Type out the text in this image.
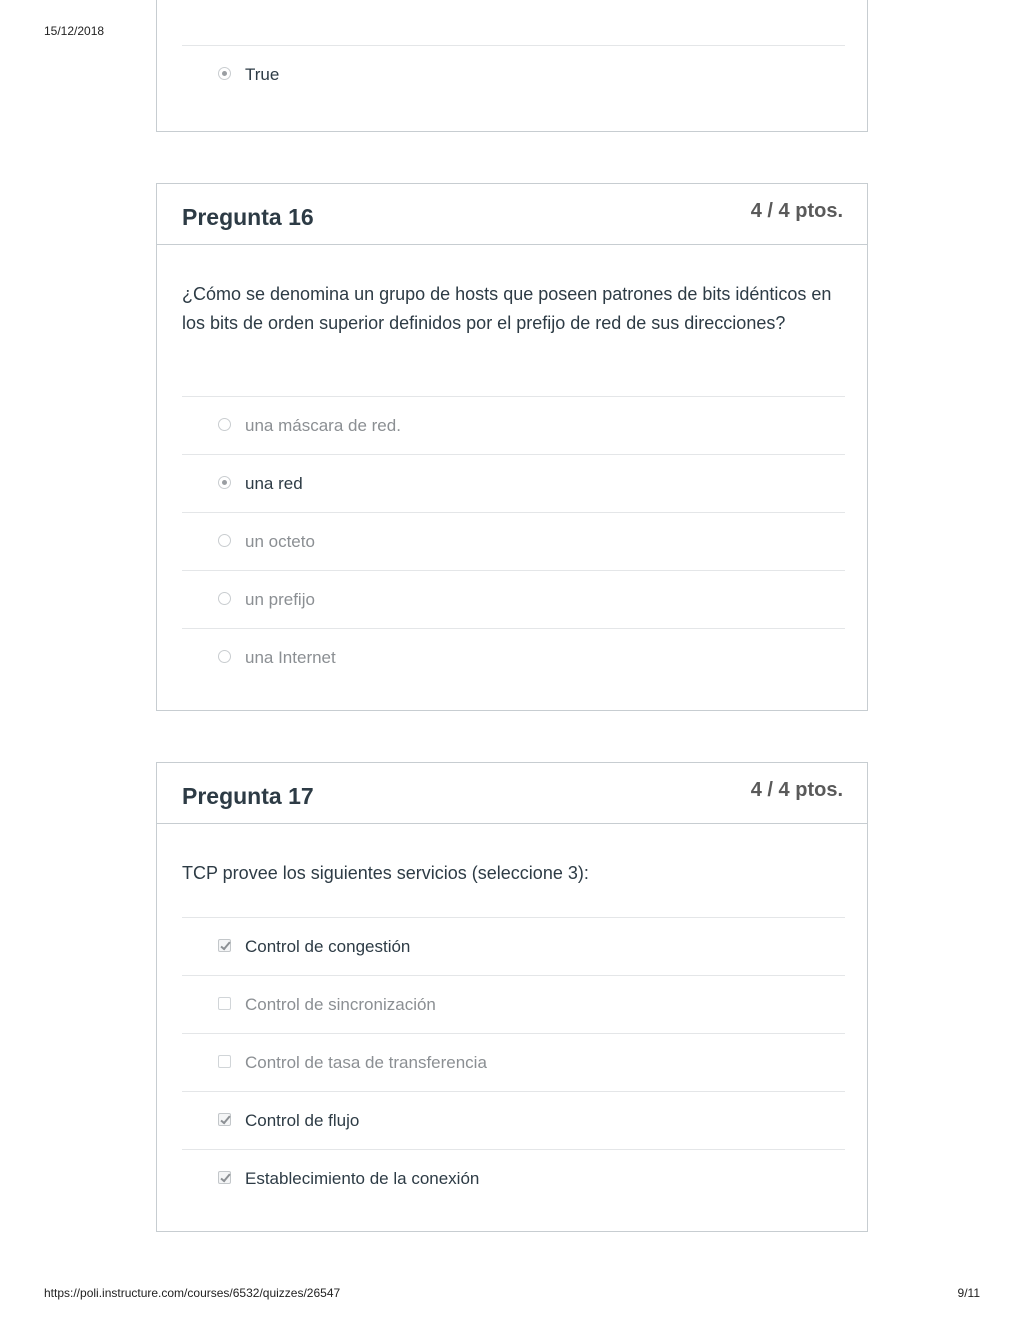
15/12/2018
True
Pregunta 16	4 / 4 ptos.
¿Cómo se denomina un grupo de hosts que poseen patrones de bits idénticos en los bits de orden superior definidos por el prefijo de red de sus direcciones?
una máscara de red.
una red
un octeto
un prefijo
una Internet
Pregunta 17	4 / 4 ptos.
TCP provee los siguientes servicios (seleccione 3):
Control de congestión
Control de sincronización
Control de tasa de transferencia
Control de flujo
Establecimiento de la conexión
https://poli.instructure.com/courses/6532/quizzes/26547	9/11
